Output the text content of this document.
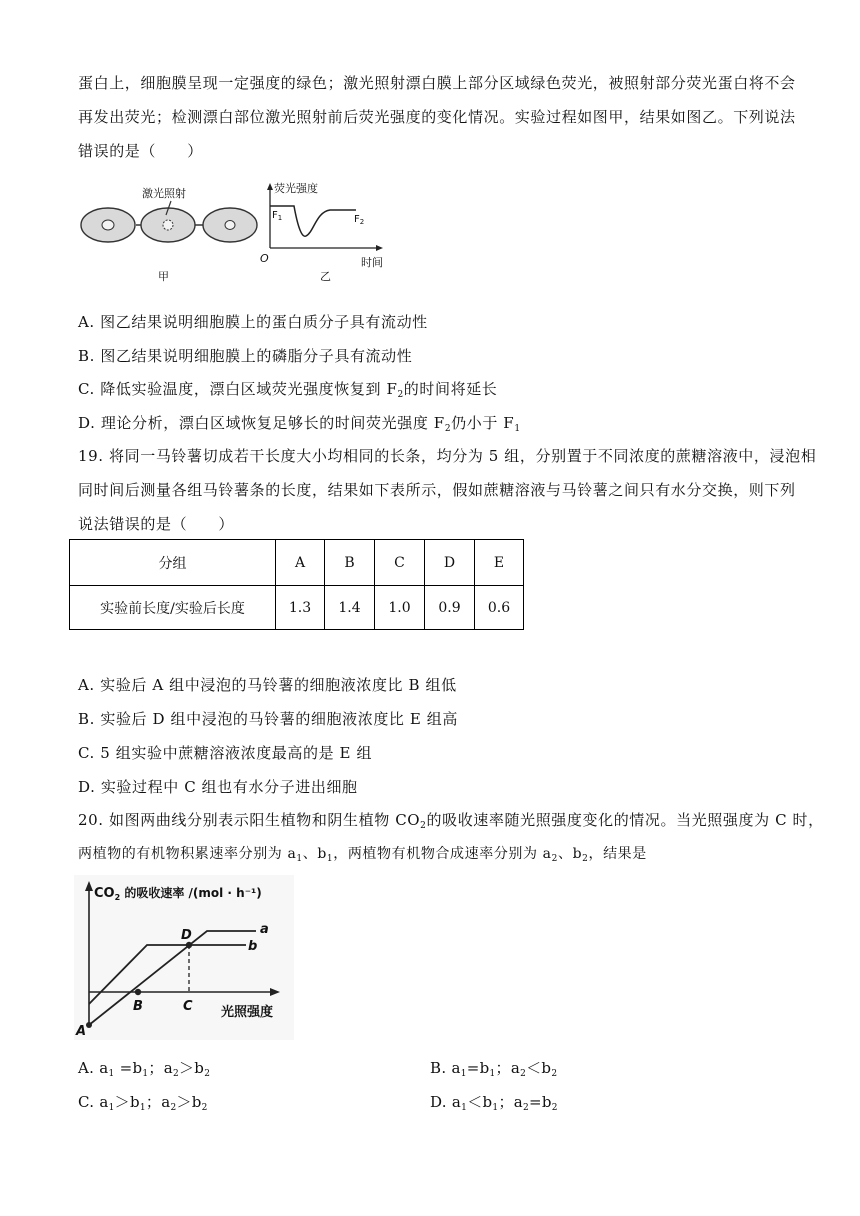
蛋白上，细胞膜呈现一定强度的绿色；激光照射漂白膜上部分区域绿色荧光，被照射部分荧光蛋白将不会
再发出荧光；检测漂白部位激光照射前后荧光强度的变化情况。实验过程如图甲，结果如图乙。下列说法
错误的是（　　）
激光照射
甲
荧光强度
$F_1$	$F_2$
O	时间
乙
A. 图乙结果说明细胞膜上的蛋白质分子具有流动性
B. 图乙结果说明细胞膜上的磷脂分子具有流动性
C. 降低实验温度，漂白区域荧光强度恢复到 $F_2$的时间将延长
D. 理论分析，漂白区域恢复足够长的时间荧光强度 $F_2$仍小于 $F_1$
19. 将同一马铃薯切成若干长度大小均相同的长条，均分为 5 组，分别置于不同浓度的蔗糖溶液中，浸泡相
同时间后测量各组马铃薯条的长度，结果如下表所示，假如蔗糖溶液与马铃薯之间只有水分交换，则下列
说法错误的是（　　）
分组	A	B	C	D	E
实验前长度/实验后长度	1.3	1.4	1.0	0.9	0.6
A. 实验后 A 组中浸泡的马铃薯的细胞液浓度比 B 组低
B. 实验后 D 组中浸泡的马铃薯的细胞液浓度比 E 组高
C. 5 组实验中蔗糖溶液浓度最高的是 E 组
D. 实验过程中 C 组也有水分子进出细胞
20. 如图两曲线分别表示阳生植物和阴生植物 $CO_2$的吸收速率随光照强度变化的情况。当光照强度为 C 时，
两植物的有机物积累速率分别为 $a_1$、$b_1$，两植物有机物合成速率分别为 $a_2$、$b_2$，结果是
$CO_2$ 的吸收速率 /(mol · h⁻¹)
光照强度
A
B	C
D	a
b
A. $a_1 =b_1$；$a_2>b_2$	B. $a_1=b_1$；$a_2<b_2$
C. $a_1>b_1$；$a_2>b_2$	D. $a_1<b_1$；$a_2=b_2$
